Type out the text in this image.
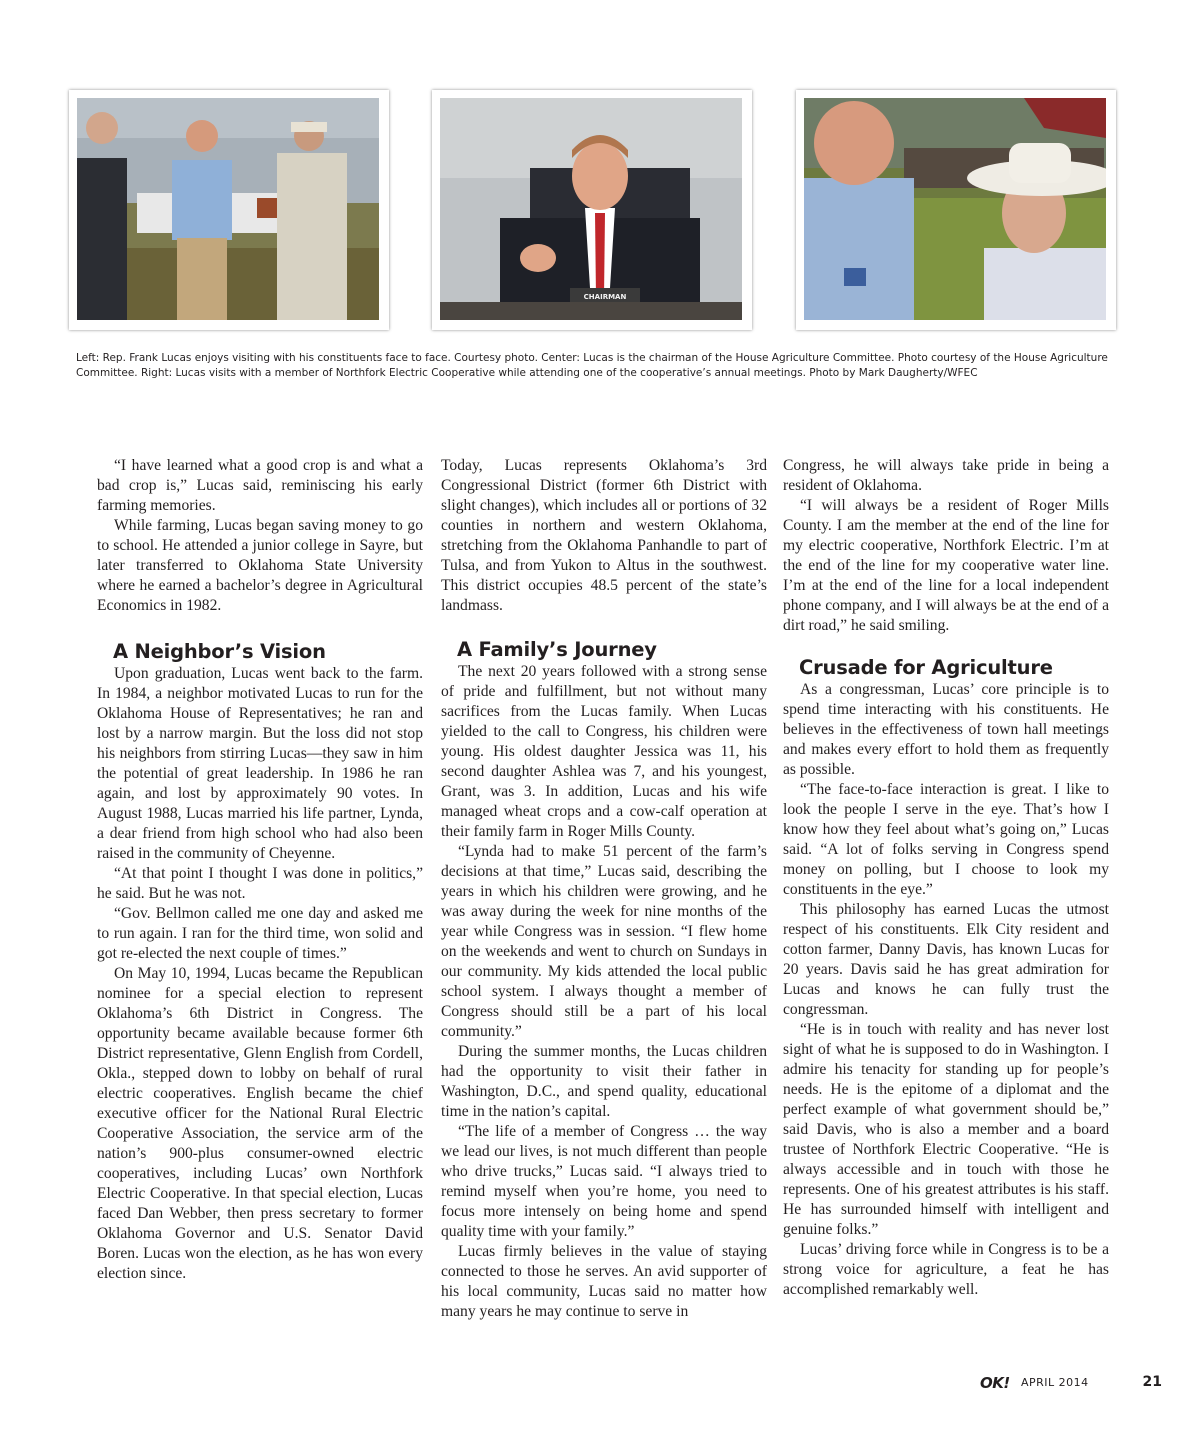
CHAIRMAN

Left: Rep. Frank Lucas enjoys visiting with his constituents face to face. Courtesy photo. Center: Lucas is the chairman of the House Agriculture Committee. Photo courtesy of the House Agriculture Committee. Right: Lucas visits with a member of Northfork Electric Cooperative while attending one of the cooperative’s annual meetings. Photo by Mark Daugherty/WFEC

“I have learned what a good crop is and what a bad crop is,” Lucas said, reminiscing his early farming memories.

While farming, Lucas began saving money to go to school. He attended a junior college in Sayre, but later transferred to Oklahoma State University where he earned a bachelor’s degree in Agricultural Economics in 1982.

A Neighbor’s Vision

Upon graduation, Lucas went back to the farm. In 1984, a neighbor motivated Lucas to run for the Oklahoma House of Representatives; he ran and lost by a narrow margin. But the loss did not stop his neighbors from stirring Lucas—they saw in him the potential of great leadership. In 1986 he ran again, and lost by approximately 90 votes. In August 1988, Lucas married his life partner, Lynda, a dear friend from high school who had also been raised in the community of Cheyenne.

“At that point I thought I was done in politics,” he said. But he was not.

“Gov. Bellmon called me one day and asked me to run again. I ran for the third time, won solid and got re-elected the next couple of times.”

On May 10, 1994, Lucas became the Republican nominee for a special election to represent Oklahoma’s 6th District in Congress. The opportunity became available because former 6th District representative, Glenn English from Cordell, Okla., stepped down to lobby on behalf of rural electric cooperatives. English became the chief executive officer for the National Rural Electric Cooperative Association, the service arm of the nation’s 900-plus consumer-owned electric cooperatives, including Lucas’ own Northfork Electric Cooperative. In that special election, Lucas faced Dan Webber, then press secretary to former Oklahoma Governor and U.S. Senator David Boren. Lucas won the election, as he has won every election since.

Today, Lucas represents Oklahoma’s 3rd Congressional District (former 6th District with slight changes), which includes all or portions of 32 counties in northern and western Oklahoma, stretching from the Oklahoma Panhandle to part of Tulsa, and from Yukon to Altus in the southwest. This district occupies 48.5 percent of the state’s landmass.

A Family’s Journey

The next 20 years followed with a strong sense of pride and fulfillment, but not without many sacrifices from the Lucas family. When Lucas yielded to the call to Congress, his children were young. His oldest daughter Jessica was 11, his second daughter Ashlea was 7, and his youngest, Grant, was 3. In addition, Lucas and his wife managed wheat crops and a cow-calf operation at their family farm in Roger Mills County.

“Lynda had to make 51 percent of the farm’s decisions at that time,” Lucas said, describing the years in which his children were growing, and he was away during the week for nine months of the year while Congress was in session. “I flew home on the weekends and went to church on Sundays in our community. My kids attended the local public school system. I always thought a member of Congress should still be a part of his local community.”

During the summer months, the Lucas children had the opportunity to visit their father in Washington, D.C., and spend quality, educational time in the nation’s capital.

“The life of a member of Congress … the way we lead our lives, is not much different than people who drive trucks,” Lucas said. “I always tried to remind myself when you’re home, you need to focus more intensely on being home and spend quality time with your family.”

Lucas firmly believes in the value of staying connected to those he serves. An avid supporter of his local community, Lucas said no matter how many years he may continue to serve in

Congress, he will always take pride in being a resident of Oklahoma.

“I will always be a resident of Roger Mills County. I am the member at the end of the line for my electric cooperative, Northfork Electric. I’m at the end of the line for my cooperative water line. I’m at the end of the line for a local independent phone company, and I will always be at the end of a dirt road,” he said smiling.

Crusade for Agriculture

As a congressman, Lucas’ core principle is to spend time interacting with his constituents. He believes in the effectiveness of town hall meetings and makes every effort to hold them as frequently as possible.

“The face-to-face interaction is great. I like to look the people I serve in the eye. That’s how I know how they feel about what’s going on,” Lucas said. “A lot of folks serving in Congress spend money on polling, but I choose to look my constituents in the eye.”

This philosophy has earned Lucas the utmost respect of his constituents. Elk City resident and cotton farmer, Danny Davis, has known Lucas for 20 years. Davis said he has great admiration for Lucas and knows he can fully trust the congressman.

“He is in touch with reality and has never lost sight of what he is supposed to do in Washington. I admire his tenacity for standing up for people’s needs. He is the epitome of a diplomat and the perfect example of what government should be,” said Davis, who is also a member and a board trustee of Northfork Electric Cooperative. “He is always accessible and in touch with those he represents. One of his greatest attributes is his staff. He has surrounded himself with intelligent and genuine folks.”

Lucas’ driving force while in Congress is to be a strong voice for agriculture, a feat he has accomplished remarkably well.

OK! APRIL 2014	21
